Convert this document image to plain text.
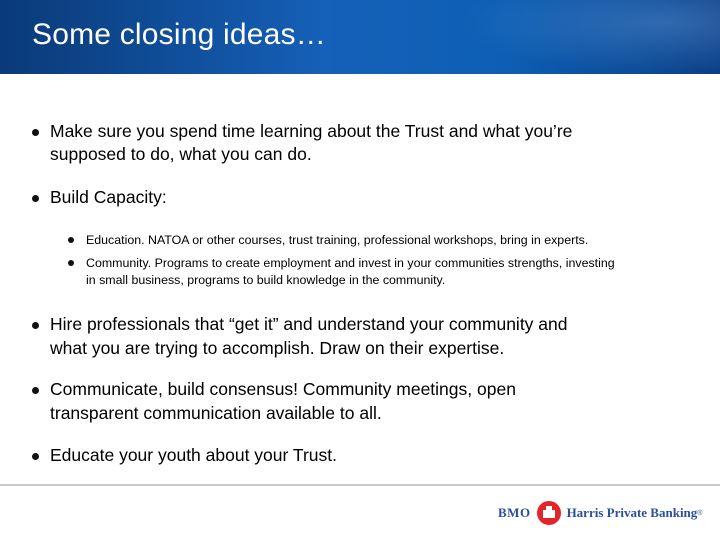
Some closing ideas…
Make sure you spend time learning about the Trust and what you’re
supposed to do, what you can do.
Build Capacity:
Education. NATOA or other courses, trust training, professional workshops, bring in experts.
Community. Programs to create employment and invest in your communities strengths, investing
in small business, programs to build knowledge in the community.
Hire professionals that “get it” and understand your community and
what you are trying to accomplish. Draw on their expertise.
Communicate, build consensus! Community meetings, open
transparent communication available to all.
Educate your youth about your Trust.
BMO	Harris Private Banking ®
